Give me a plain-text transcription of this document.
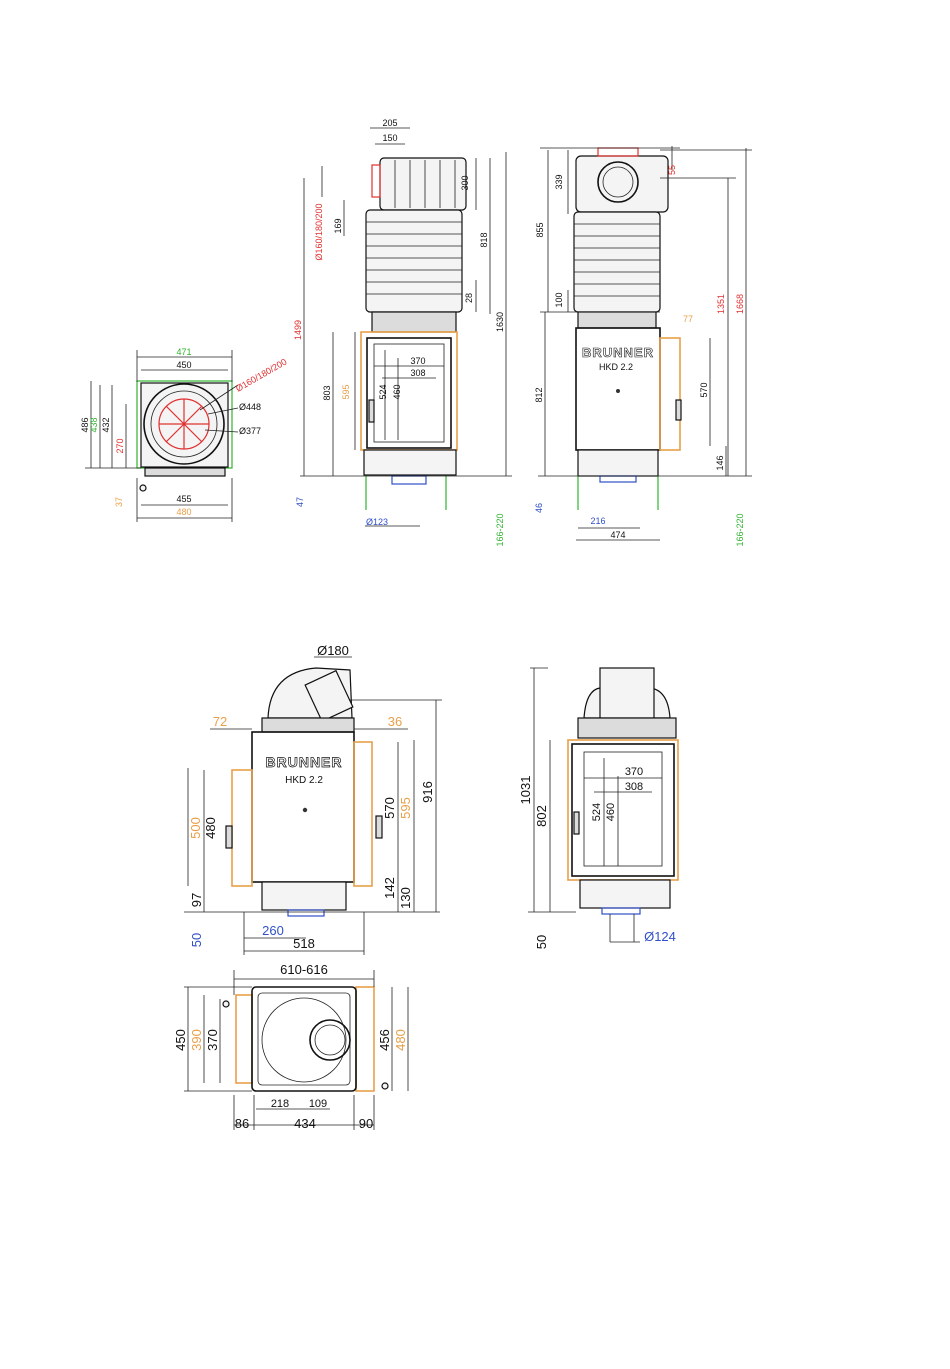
471
450
486 438 432
270
Ø160/180/200
Ø448
Ø377
455
480
37
205
150
Ø160/180/200 169
300
818
28
1630
1499
803 595	524 460
370
308
47
Ø123	166-220
BRUNNER
HKD 2.2
339
55
855
100	1351 1668
77
570
812
146
46
216
474	166-220
BRUNNER
HKD 2.2
Ø180
72	36
916
500 480
570 595
142 130
97
50
260
518
1031
802
370
308
524 460
50	Ø124
610-616
450 390 370	456 480
218 109
86	434	90
